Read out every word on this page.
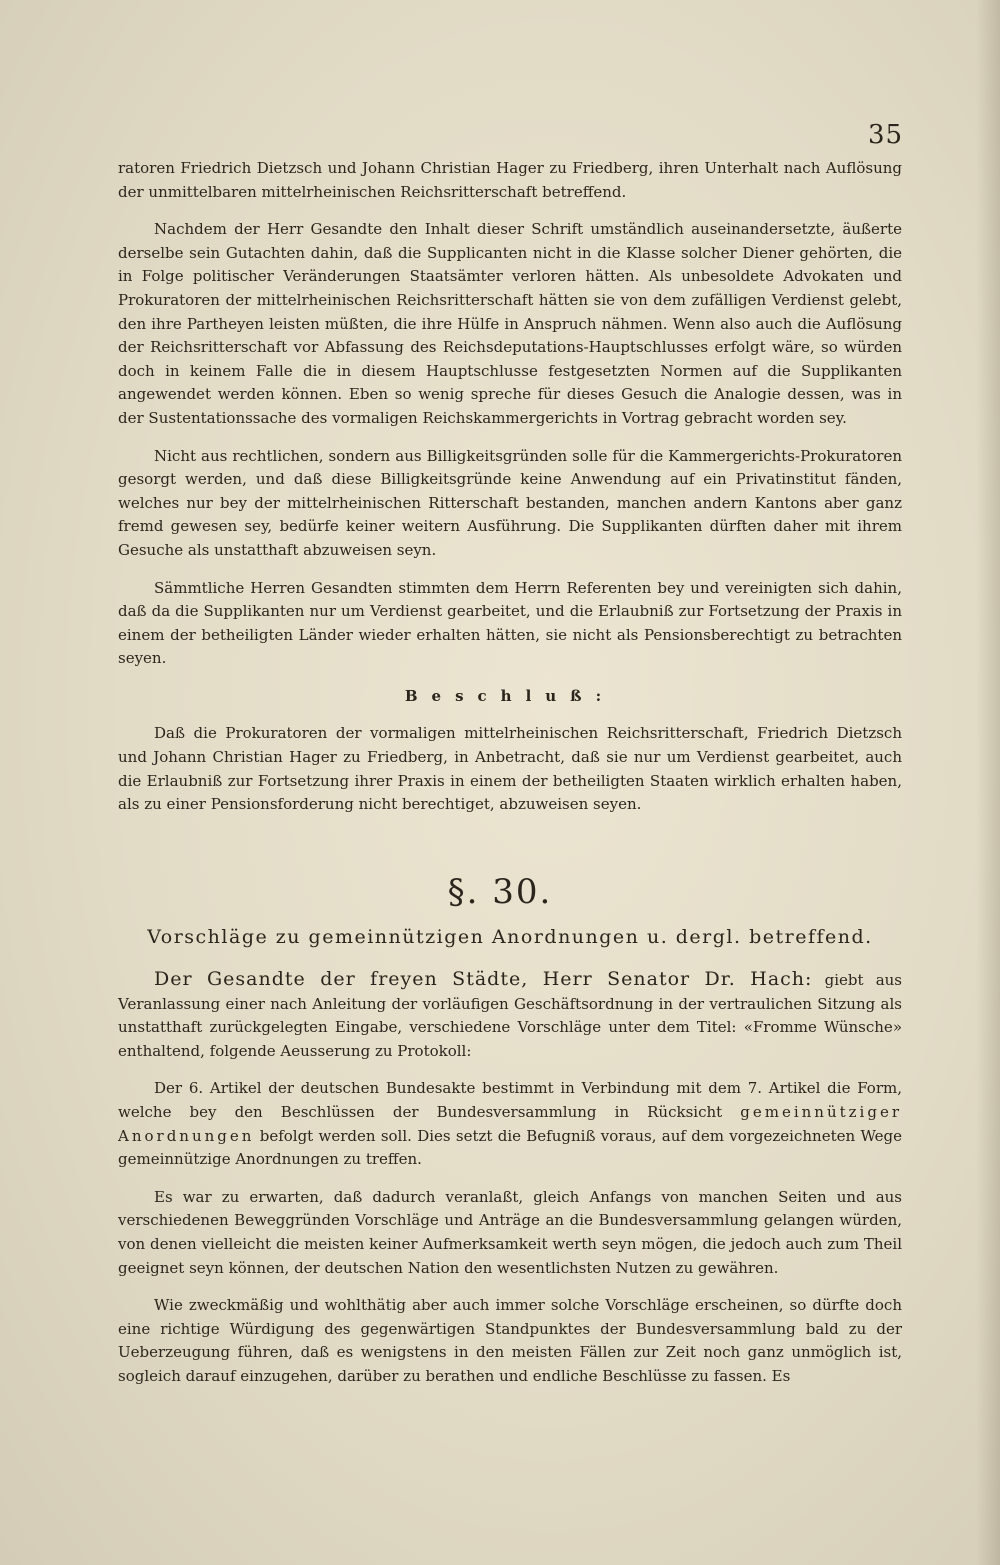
35

ratoren Friedrich Dietzsch und Johann Christian Hager zu Friedberg, ihren Unterhalt nach Auflösung der unmittelbaren mittelrheinischen Reichsritterschaft betreffend.

Nachdem der Herr Gesandte den Inhalt dieser Schrift umständlich auseinandersetzte, äußerte derselbe sein Gutachten dahin, daß die Supplicanten nicht in die Klasse solcher Diener gehörten, die in Folge politischer Veränderungen Staatsämter verloren hätten. Als unbesoldete Advokaten und Prokuratoren der mittelrheinischen Reichsritterschaft hätten sie von dem zufälligen Verdienst gelebt, den ihre Partheyen leisten müßten, die ihre Hülfe in Anspruch nähmen. Wenn also auch die Auflösung der Reichsritterschaft vor Abfassung des Reichsdeputations-Hauptschlusses erfolgt wäre, so würden doch in keinem Falle die in diesem Hauptschlusse festgesetzten Normen auf die Supplikanten angewendet werden können. Eben so wenig spreche für dieses Gesuch die Analogie dessen, was in der Sustentationssache des vormaligen Reichskammergerichts in Vortrag gebracht worden sey.

Nicht aus rechtlichen, sondern aus Billigkeitsgründen solle für die Kammergerichts-Prokuratoren gesorgt werden, und daß diese Billigkeitsgründe keine Anwendung auf ein Privatinstitut fänden, welches nur bey der mittelrheinischen Ritterschaft bestanden, manchen andern Kantons aber ganz fremd gewesen sey, bedürfe keiner weitern Ausführung. Die Supplikanten dürften daher mit ihrem Gesuche als unstatthaft abzuweisen seyn.

Sämmtliche Herren Gesandten stimmten dem Herrn Referenten bey und vereinigten sich dahin, daß da die Supplikanten nur um Verdienst gearbeitet, und die Erlaubniß zur Fortsetzung der Praxis in einem der betheiligten Länder wieder erhalten hätten, sie nicht als Pensionsberechtigt zu betrachten seyen.

Beschluß:

Daß die Prokuratoren der vormaligen mittelrheinischen Reichsritterschaft, Friedrich Dietzsch und Johann Christian Hager zu Friedberg, in Anbetracht, daß sie nur um Verdienst gearbeitet, auch die Erlaubniß zur Fortsetzung ihrer Praxis in einem der betheiligten Staaten wirklich erhalten haben, als zu einer Pensionsforderung nicht berechtiget, abzuweisen seyen.

§. 30.
Vorschläge zu gemeinnützigen Anordnungen u. dergl. betreffend.

Der Gesandte der freyen Städte, Herr Senator Dr. Hach: giebt aus Veranlassung einer nach Anleitung der vorläufigen Geschäftsordnung in der vertraulichen Sitzung als unstatthaft zurückgelegten Eingabe, verschiedene Vorschläge unter dem Titel: «Fromme Wünsche» enthaltend, folgende Aeusserung zu Protokoll:

Der 6. Artikel der deutschen Bundesakte bestimmt in Verbindung mit dem 7. Artikel die Form, welche bey den Beschlüssen der Bundesversammlung in Rücksicht gemeinnütziger Anordnungen befolgt werden soll. Dies setzt die Befugniß voraus, auf dem vorgezeichneten Wege gemeinnützige Anordnungen zu treffen.

Es war zu erwarten, daß dadurch veranlaßt, gleich Anfangs von manchen Seiten und aus verschiedenen Beweggründen Vorschläge und Anträge an die Bundesversammlung gelangen würden, von denen vielleicht die meisten keiner Aufmerksamkeit werth seyn mögen, die jedoch auch zum Theil geeignet seyn können, der deutschen Nation den wesentlichsten Nutzen zu gewähren.

Wie zweckmäßig und wohlthätig aber auch immer solche Vorschläge erscheinen, so dürfte doch eine richtige Würdigung des gegenwärtigen Standpunktes der Bundesversammlung bald zu der Ueberzeugung führen, daß es wenigstens in den meisten Fällen zur Zeit noch ganz unmöglich ist, sogleich darauf einzugehen, darüber zu berathen und endliche Beschlüsse zu fassen. Es
